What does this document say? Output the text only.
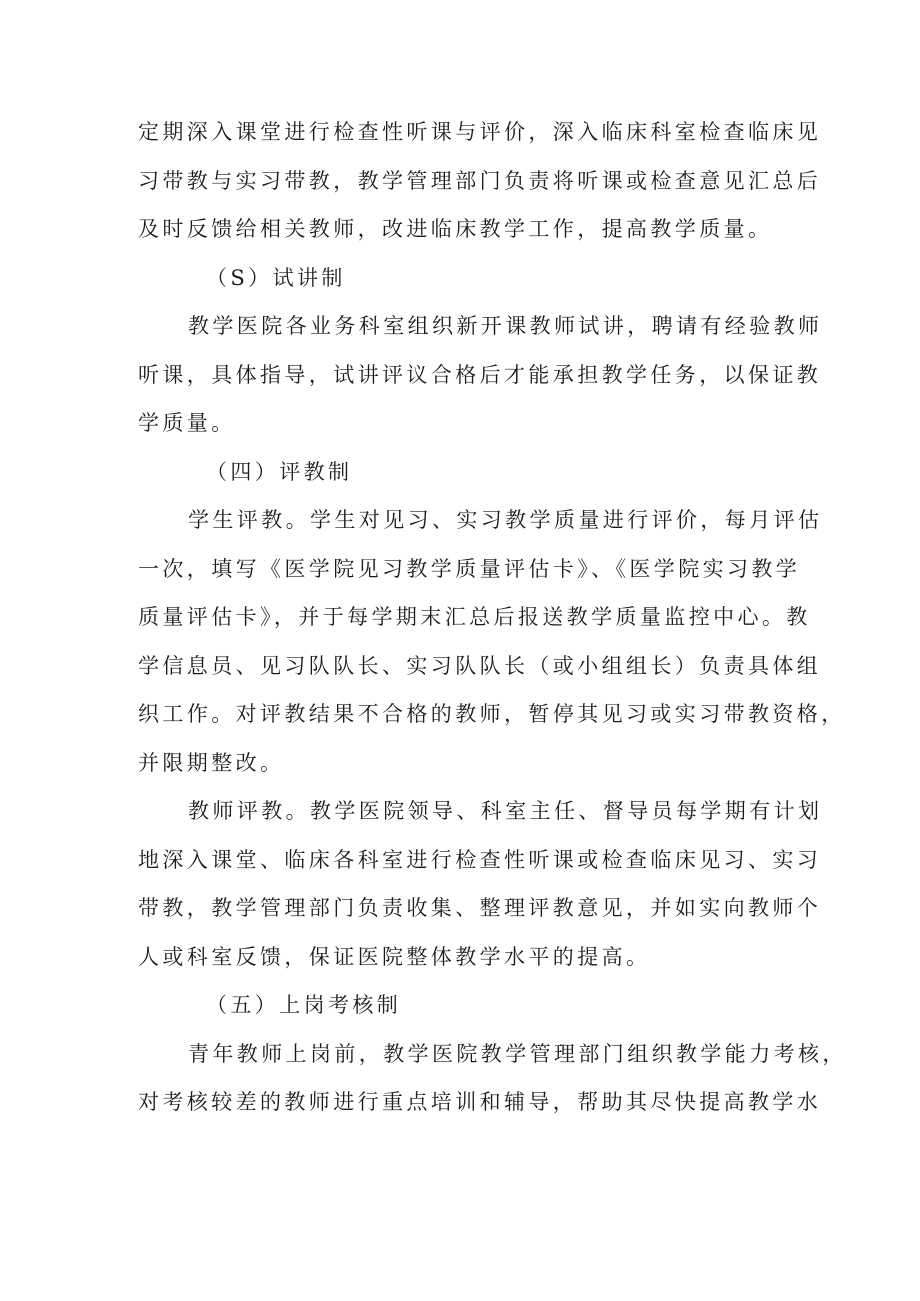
定期深入课堂进行检查性听课与评价，深入临床科室检查临床见
习带教与实习带教，教学管理部门负责将听课或检查意见汇总后
及时反馈给相关教师，改进临床教学工作，提高教学质量。
（S）试讲制
教学医院各业务科室组织新开课教师试讲，聘请有经验教师
听课，具体指导，试讲评议合格后才能承担教学任务，以保证教
学质量。
（四）评教制
学生评教。学生对见习、实习教学质量进行评价，每月评估
一次，填写《医学院见习教学质量评估卡》、《医学院实习教学
质量评估卡》，并于每学期末汇总后报送教学质量监控中心。教
学信息员、见习队队长、实习队队长（或小组组长）负责具体组
织工作。对评教结果不合格的教师，暂停其见习或实习带教资格，
并限期整改。
教师评教。教学医院领导、科室主任、督导员每学期有计划
地深入课堂、临床各科室进行检查性听课或检查临床见习、实习
带教，教学管理部门负责收集、整理评教意见，并如实向教师个
人或科室反馈，保证医院整体教学水平的提高。
（五）上岗考核制
青年教师上岗前，教学医院教学管理部门组织教学能力考核，
对考核较差的教师进行重点培训和辅导，帮助其尽快提高教学水
